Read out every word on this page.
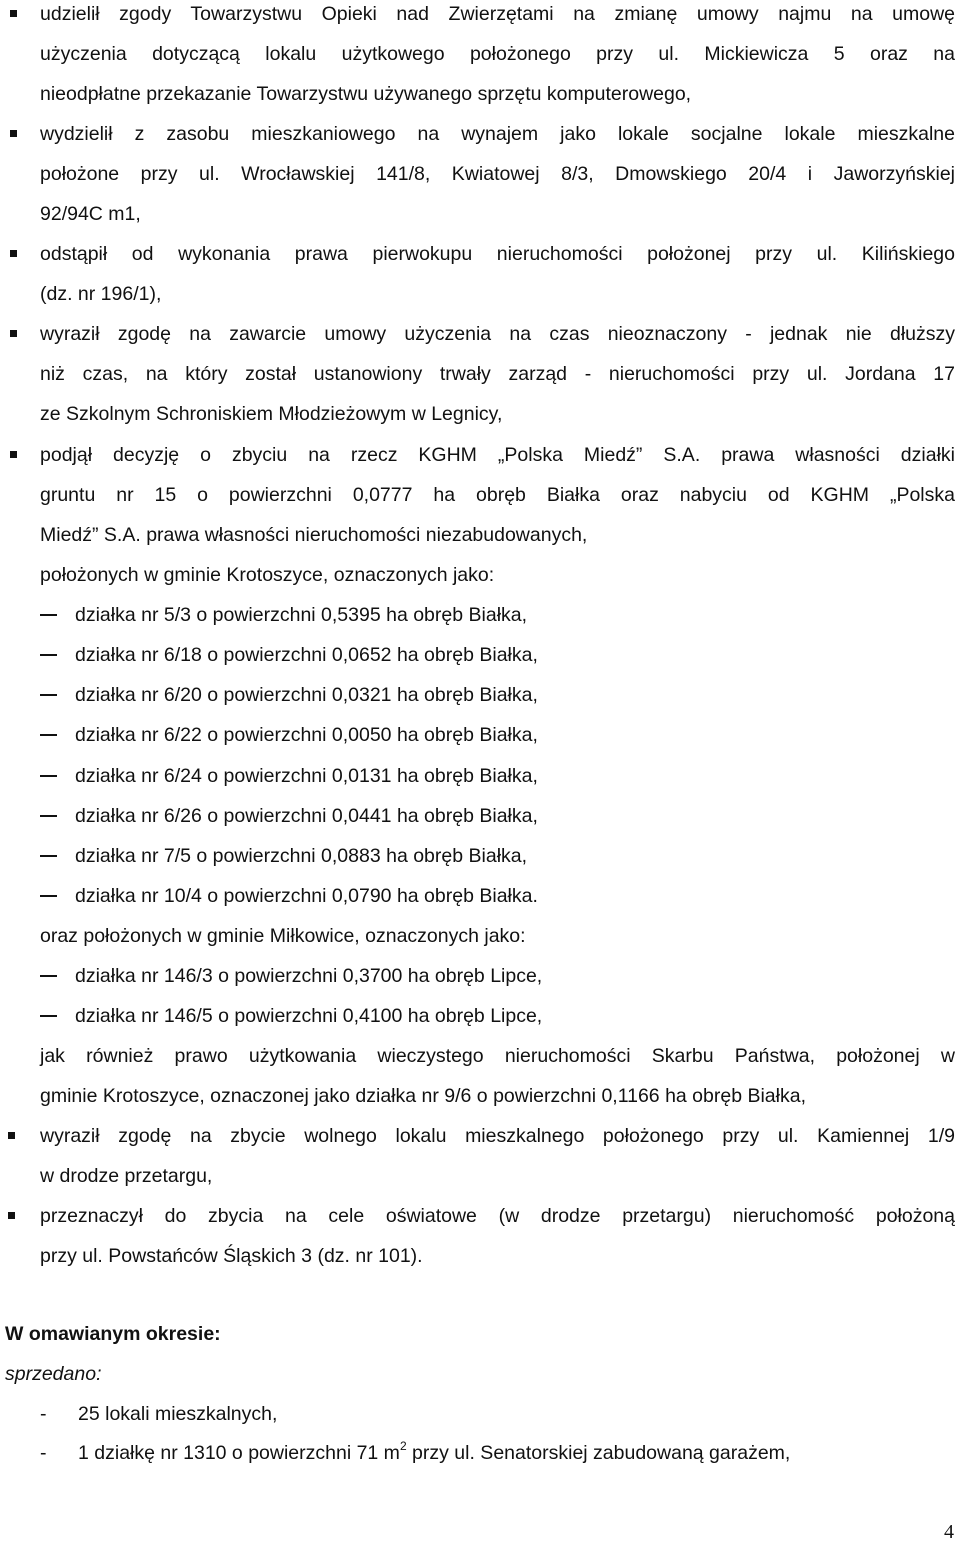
udzielił zgody Towarzystwu Opieki nad Zwierzętami na zmianę umowy najmu na umowę
użyczenia dotyczącą lokalu użytkowego położonego przy ul. Mickiewicza 5 oraz na
nieodpłatne przekazanie Towarzystwu używanego sprzętu komputerowego,
wydzielił z zasobu mieszkaniowego na wynajem jako lokale socjalne lokale mieszkalne
położone przy ul. Wrocławskiej 141/8, Kwiatowej 8/3, Dmowskiego 20/4 i Jaworzyńskiej
92/94C m1,
odstąpił od wykonania prawa pierwokupu nieruchomości położonej przy ul. Kilińskiego
(dz. nr 196/1),
wyraził zgodę na zawarcie umowy użyczenia na czas nieoznaczony - jednak nie dłuższy
niż czas, na który został ustanowiony trwały zarząd - nieruchomości przy ul. Jordana 17
ze Szkolnym Schroniskiem Młodzieżowym w Legnicy,
podjął decyzję o zbyciu na rzecz KGHM „Polska Miedź” S.A. prawa własności działki
gruntu nr 15 o powierzchni 0,0777 ha obręb Białka oraz nabyciu od KGHM „Polska
Miedź” S.A. prawa własności nieruchomości niezabudowanych,
położonych w gminie Krotoszyce, oznaczonych jako:
działka nr 5/3 o powierzchni 0,5395 ha obręb Białka,
działka nr 6/18 o powierzchni 0,0652 ha obręb Białka,
działka nr 6/20 o powierzchni 0,0321 ha obręb Białka,
działka nr 6/22 o powierzchni 0,0050 ha obręb Białka,
działka nr 6/24 o powierzchni 0,0131 ha obręb Białka,
działka nr 6/26 o powierzchni 0,0441 ha obręb Białka,
działka nr 7/5 o powierzchni 0,0883 ha obręb Białka,
działka nr 10/4 o powierzchni 0,0790 ha obręb Białka.
oraz położonych w gminie Miłkowice, oznaczonych jako:
działka nr 146/3 o powierzchni 0,3700 ha obręb Lipce,
działka nr 146/5 o powierzchni 0,4100 ha obręb Lipce,
jak również prawo użytkowania wieczystego nieruchomości Skarbu Państwa, położonej w
gminie Krotoszyce, oznaczonej jako działka nr 9/6 o powierzchni 0,1166 ha obręb Białka,
wyraził zgodę na zbycie wolnego lokalu mieszkalnego położonego przy ul. Kamiennej 1/9
w drodze przetargu,
przeznaczył do zbycia na cele oświatowe (w drodze przetargu) nieruchomość położoną
przy ul. Powstańców Śląskich 3 (dz. nr 101).
W omawianym okresie:
sprzedano:
- 25 lokali mieszkalnych,
- 1 działkę nr 1310 o powierzchni 71 $m^2$ przy ul. Senatorskiej zabudowaną garażem,
4
